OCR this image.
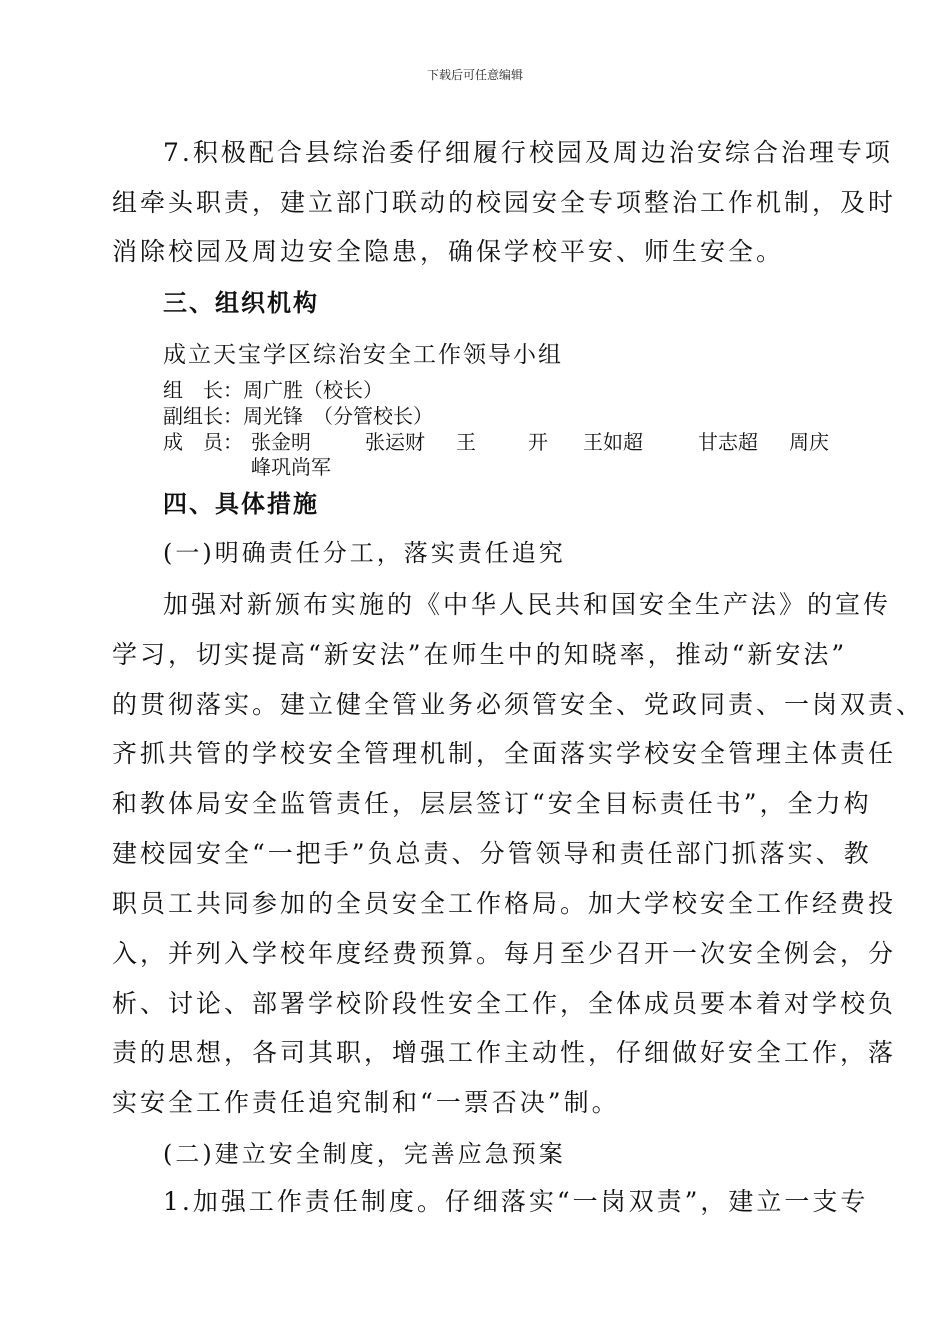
下载后可任意编辑

7.积极配合县综治委仔细履行校园及周边治安综合治理专项

组牵头职责，建立部门联动的校园安全专项整治工作机制，及时

消除校园及周边安全隐患，确保学校平安、师生安全。

三、组织机构

成立天宝学区综治安全工作领导小组

组　长：周广胜（校长）

副组长：周光锋　（分管校长）

成　员： 张金明	张运财 王	开 王如超	甘志超 周庆

峰巩尚军

四、具体措施

(一)明确责任分工，落实责任追究

加强对新颁布实施的《中华人民共和国安全生产法》的宣传

学习，切实提高“新安法”在师生中的知晓率，推动“新安法”

的贯彻落实。建立健全管业务必须管安全、党政同责、一岗双责、

齐抓共管的学校安全管理机制，全面落实学校安全管理主体责任

和教体局安全监管责任，层层签订“安全目标责任书”，全力构

建校园安全“一把手”负总责、分管领导和责任部门抓落实、教

职员工共同参加的全员安全工作格局。加大学校安全工作经费投

入，并列入学校年度经费预算。每月至少召开一次安全例会，分

析、讨论、部署学校阶段性安全工作，全体成员要本着对学校负

责的思想，各司其职，增强工作主动性，仔细做好安全工作，落

实安全工作责任追究制和“一票否决”制。

(二)建立安全制度，完善应急预案

1.加强工作责任制度。仔细落实“一岗双责”，建立一支专
